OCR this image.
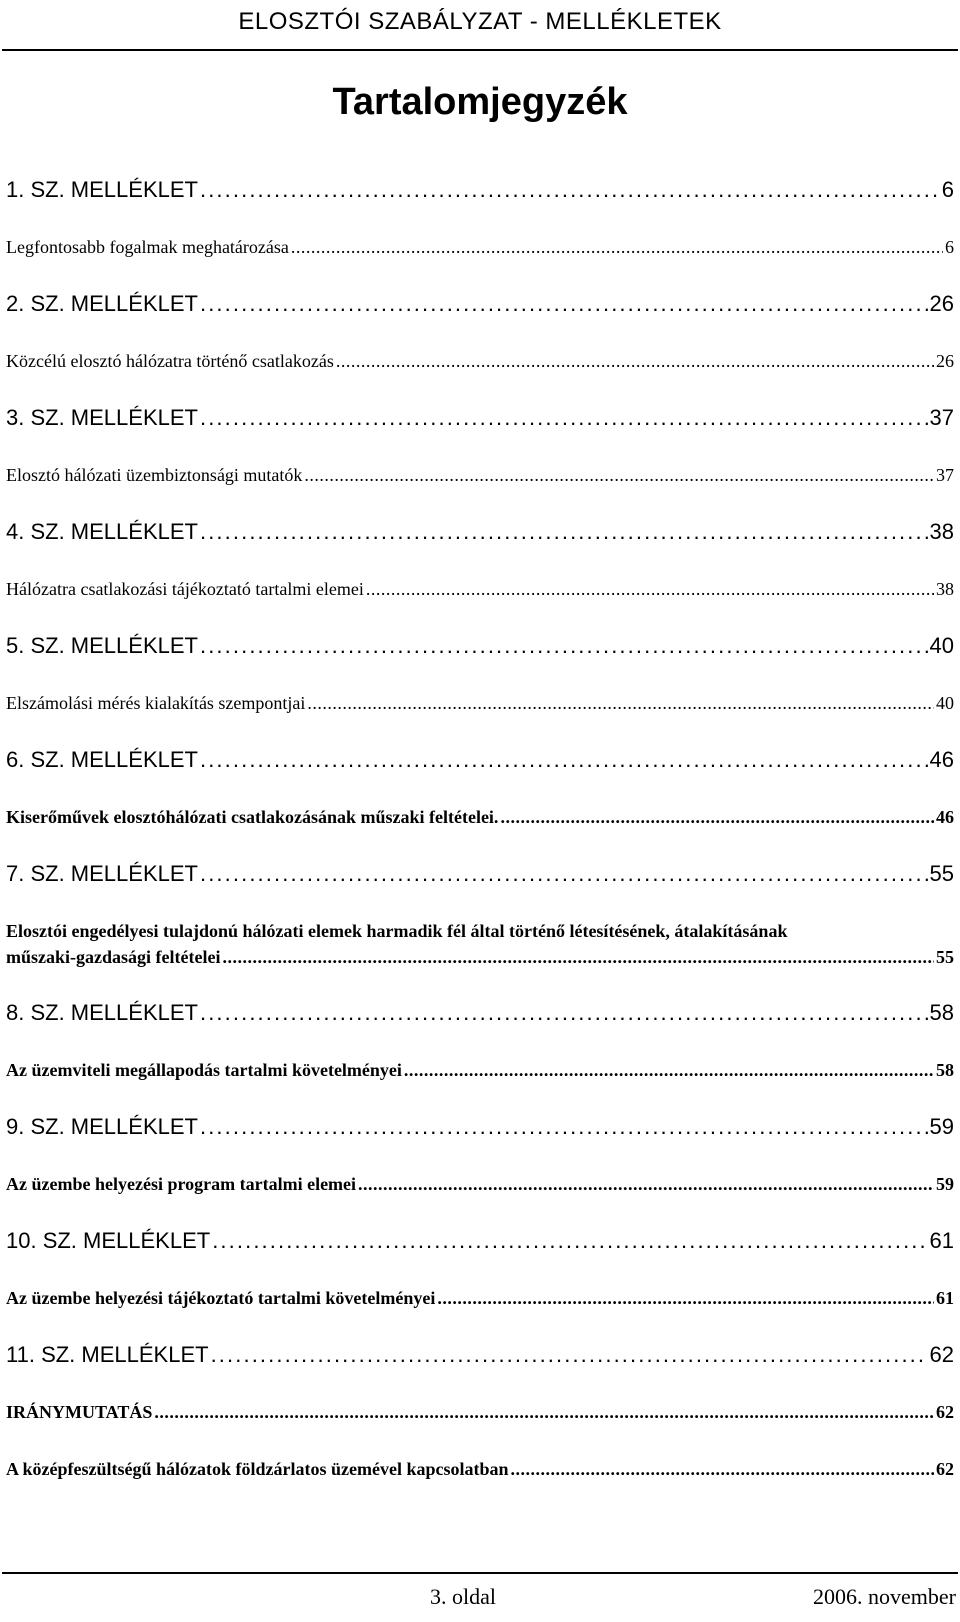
ELOSZTÓI SZABÁLYZAT - MELLÉKLETEK
Tartalomjegyzék
1. SZ. MELLÉKLET . . .	6
Legfontosabb fogalmak meghatározása . . .	6
2. SZ. MELLÉKLET . . .	26
Közcélú elosztó hálózatra történő csatlakozás . . .	26
3. SZ. MELLÉKLET . . .	37
Elosztó hálózati üzembiztonsági mutatók . . .	37
4. SZ. MELLÉKLET . . .	38
Hálózatra csatlakozási tájékoztató tartalmi elemei . . .	38
5. SZ. MELLÉKLET . . .	40
Elszámolási mérés kialakítás szempontjai . . .	40
6. SZ. MELLÉKLET . . .	46
Kiserőművek elosztóhálózati csatlakozásának műszaki feltételei. . . .	46
7. SZ. MELLÉKLET . . .	55
Elosztói engedélyesi tulajdonú hálózati elemek harmadik fél által történő létesítésének, átalakításának
műszaki-gazdasági feltételei . . .	55
8. SZ. MELLÉKLET . . .	58
Az üzemviteli megállapodás tartalmi követelményei . . .	58
9. SZ. MELLÉKLET . . .	59
Az üzembe helyezési program tartalmi elemei . . .	59
10. SZ. MELLÉKLET . . .	61
Az üzembe helyezési tájékoztató tartalmi követelményei . . .	61
11. SZ. MELLÉKLET . . .	62
IRÁNYMUTATÁS . . .	62
A középfeszültségű hálózatok földzárlatos üzemével kapcsolatban . . .	62
3. oldal	2006. november
